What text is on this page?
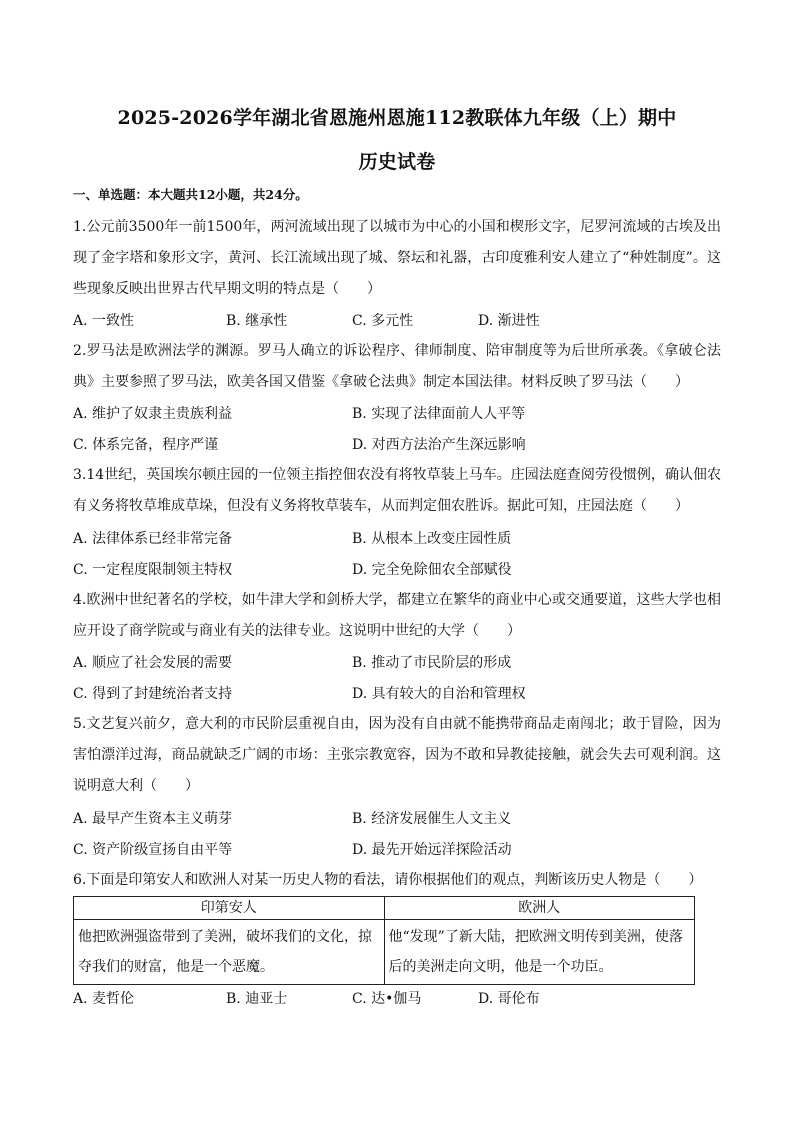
2025-2026学年湖北省恩施州恩施112教联体九年级（上）期中
历史试卷
一、单选题：本大题共12小题，共24分。
1.公元前3500年一前1500年，两河流域出现了以城市为中心的小国和楔形文字，尼罗河流域的古埃及出现了金字塔和象形文字，黄河、长江流域出现了城、祭坛和礼器，古印度雅利安人建立了“种姓制度”。这些现象反映出世界古代早期文明的特点是（　　）
A. 一致性	B. 继承性	C. 多元性	D. 渐进性
2.罗马法是欧洲法学的渊源。罗马人确立的诉讼程序、律师制度、陪审制度等为后世所承袭。《拿破仑法典》主要参照了罗马法，欧美各国又借鉴《拿破仑法典》制定本国法律。材料反映了罗马法（　　）
A. 维护了奴隶主贵族利益	B. 实现了法律面前人人平等
C. 体系完备，程序严谨	D. 对西方法治产生深远影响
3.14世纪，英国埃尔顿庄园的一位领主指控佃农没有将牧草装上马车。庄园法庭查阅劳役惯例，确认佃农有义务将牧草堆成草垛，但没有义务将牧草装车，从而判定佃农胜诉。据此可知，庄园法庭（　　）
A. 法律体系已经非常完备	B. 从根本上改变庄园性质
C. 一定程度限制领主特权	D. 完全免除佃农全部赋役
4.欧洲中世纪著名的学校，如牛津大学和剑桥大学，都建立在繁华的商业中心或交通要道，这些大学也相应开设了商学院或与商业有关的法律专业。这说明中世纪的大学（　　）
A. 顺应了社会发展的需要	B. 推动了市民阶层的形成
C. 得到了封建统治者支持	D. 具有较大的自治和管理权
5.文艺复兴前夕，意大利的市民阶层重视自由，因为没有自由就不能携带商品走南闯北；敢于冒险，因为害怕漂洋过海，商品就缺乏广阔的市场：主张宗教宽容，因为不敢和异教徒接触，就会失去可观利润。这说明意大利（　　）
A. 最早产生资本主义萌芽	B. 经济发展催生人文主义
C. 资产阶级宣扬自由平等	D. 最先开始远洋探险活动
6.下面是印第安人和欧洲人对某一历史人物的看法，请你根据他们的观点，判断该历史人物是（　　）
印第安人	欧洲人
他把欧洲强盗带到了美洲，破坏我们的文化，掠夺我们的财富，他是一个恶魔。	他“发现”了新大陆，把欧洲文明传到美洲，使落后的美洲走向文明，他是一个功臣。
A. 麦哲伦	B. 迪亚士	C. 达•伽马	D. 哥伦布
